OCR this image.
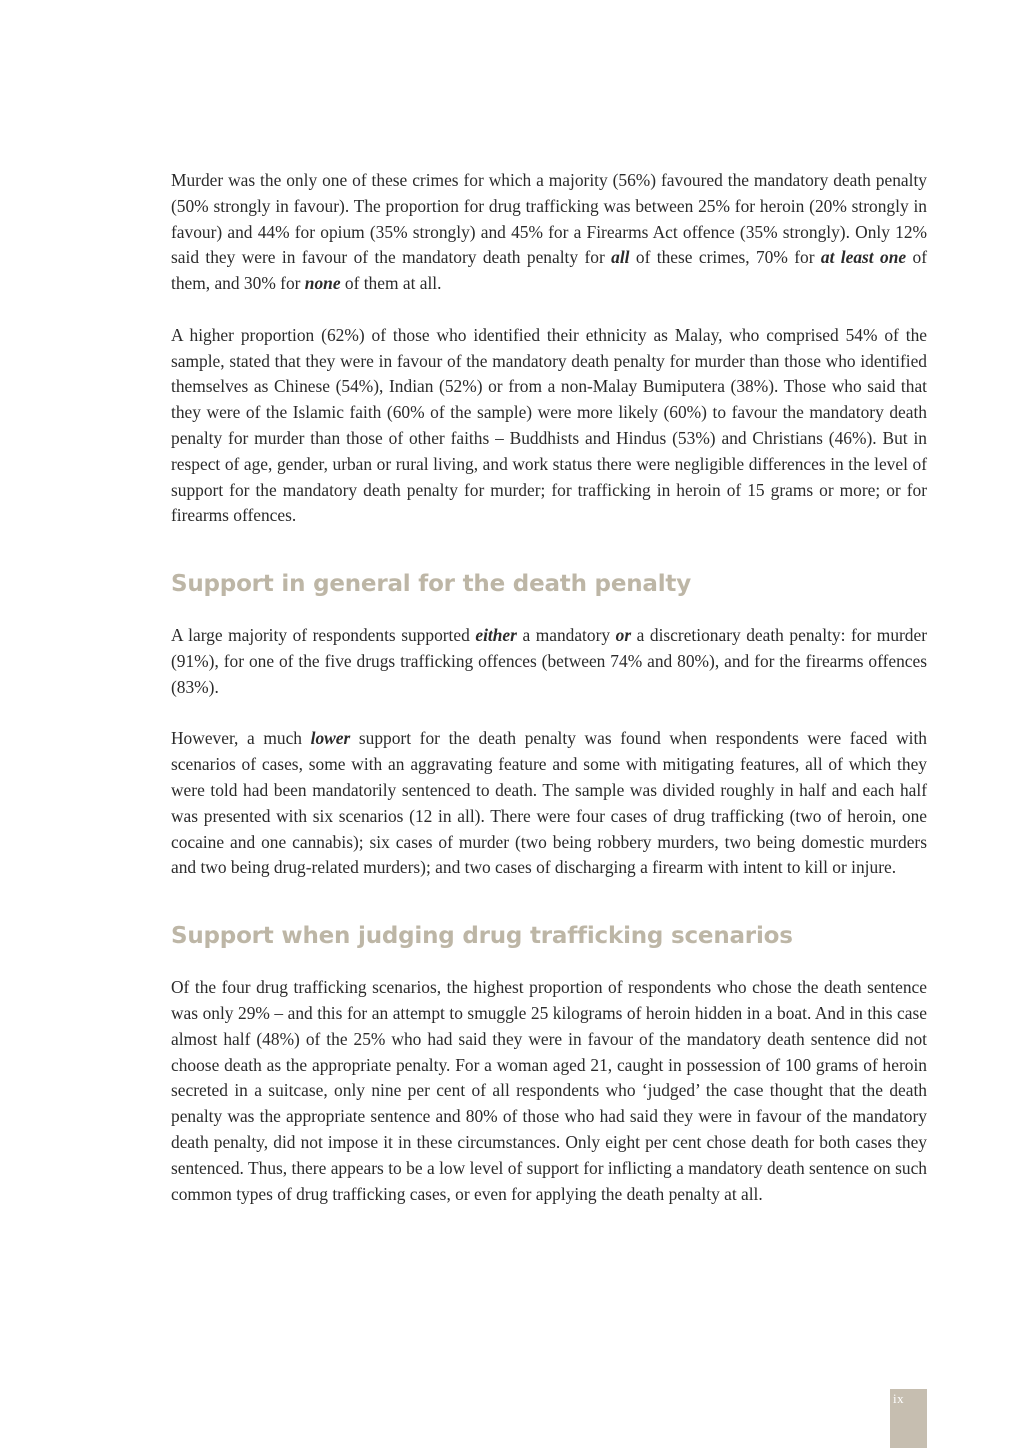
Murder was the only one of these crimes for which a majority (56%) favoured the mandatory death penalty (50% strongly in favour). The proportion for drug trafficking was between 25% for heroin (20% strongly in favour) and 44% for opium (35% strongly) and 45% for a Firearms Act offence (35% strongly). Only 12% said they were in favour of the mandatory death penalty for all of these crimes, 70% for at least one of them, and 30% for none of them at all.

A higher proportion (62%) of those who identified their ethnicity as Malay, who comprised 54% of the sample, stated that they were in favour of the mandatory death penalty for murder than those who identified themselves as Chinese (54%), Indian (52%) or from a non-Malay Bumiputera (38%). Those who said that they were of the Islamic faith (60% of the sample) were more likely (60%) to favour the mandatory death penalty for murder than those of other faiths – Buddhists and Hindus (53%) and Christians (46%). But in respect of age, gender, urban or rural living, and work status there were negligible differences in the level of support for the mandatory death penalty for murder; for trafficking in heroin of 15 grams or more; or for firearms offences.

Support in general for the death penalty

A large majority of respondents supported either a mandatory or a discretionary death penalty: for murder (91%), for one of the five drugs trafficking offences (between 74% and 80%), and for the firearms offences (83%).

However, a much lower support for the death penalty was found when respondents were faced with scenarios of cases, some with an aggravating feature and some with mitigating features, all of which they were told had been mandatorily sentenced to death. The sample was divided roughly in half and each half was presented with six scenarios (12 in all). There were four cases of drug trafficking (two of heroin, one cocaine and one cannabis); six cases of murder (two being robbery murders, two being domestic murders and two being drug-related murders); and two cases of discharging a firearm with intent to kill or injure.

Support when judging drug trafficking scenarios

Of the four drug trafficking scenarios, the highest proportion of respondents who chose the death sentence was only 29% – and this for an attempt to smuggle 25 kilograms of heroin hidden in a boat. And in this case almost half (48%) of the 25% who had said they were in favour of the mandatory death sentence did not choose death as the appropriate penalty. For a woman aged 21, caught in possession of 100 grams of heroin secreted in a suitcase, only nine per cent of all respondents who ‘judged’ the case thought that the death penalty was the appropriate sentence and 80% of those who had said they were in favour of the mandatory death penalty, did not impose it in these circumstances. Only eight per cent chose death for both cases they sentenced. Thus, there appears to be a low level of support for inflicting a mandatory death sentence on such common types of drug trafficking cases, or even for applying the death penalty at all.

ix
